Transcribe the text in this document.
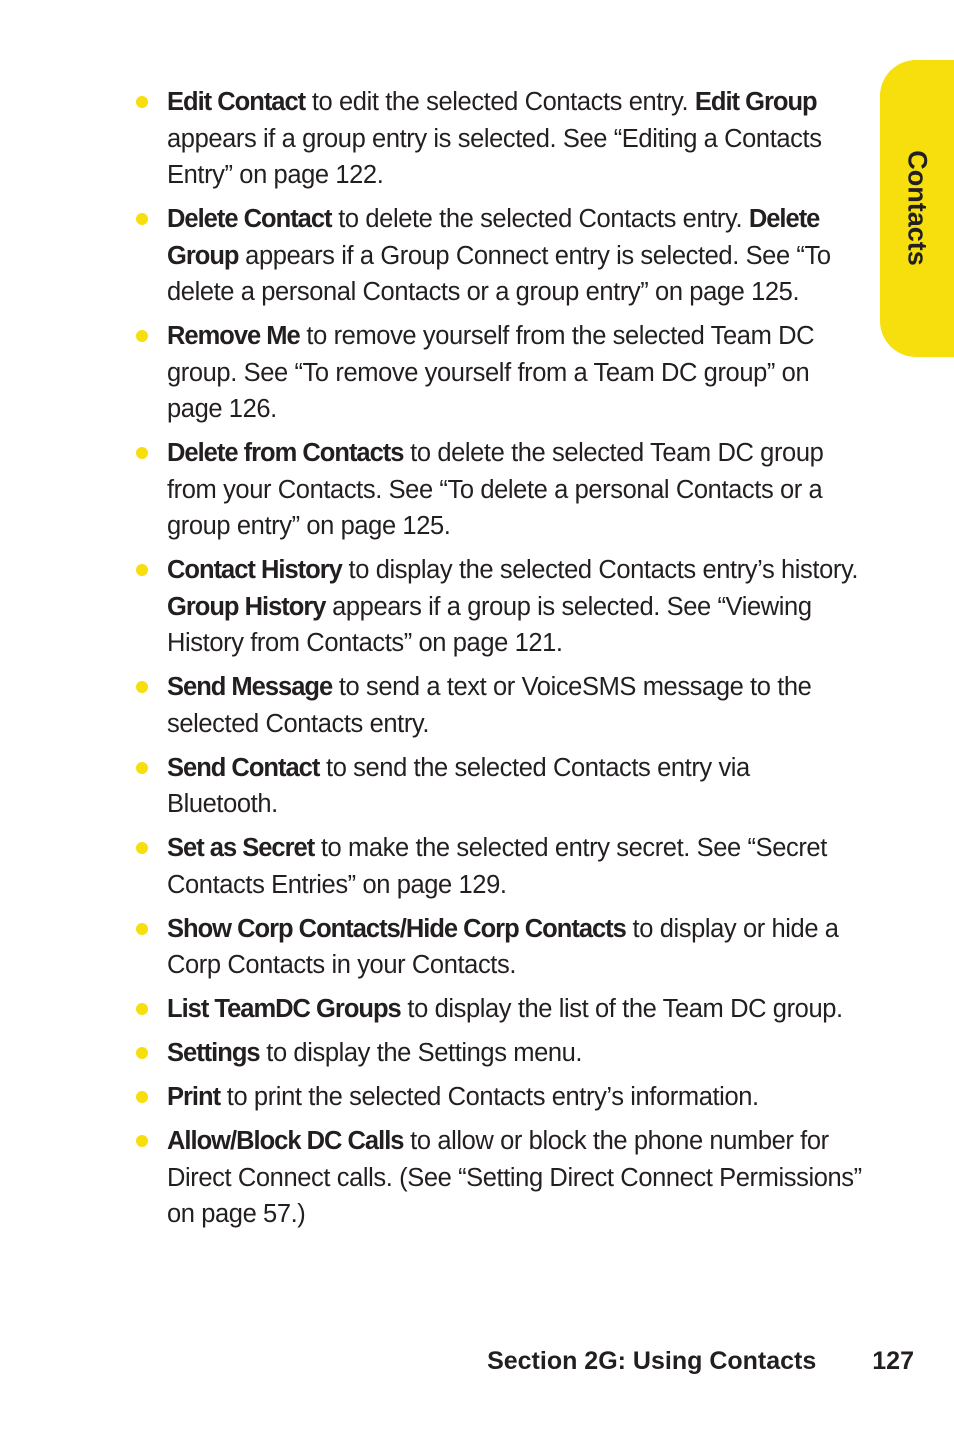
Contacts
Edit Contact to edit the selected Contacts entry. Edit Group appears if a group entry is selected. See “Editing a Contacts Entry” on page 122.
Delete Contact to delete the selected Contacts entry. Delete Group appears if a Group Connect entry is selected. See “To delete a personal Contacts or a group entry” on page 125.
Remove Me to remove yourself from the selected Team DC group. See “To remove yourself from a Team DC group” on page 126.
Delete from Contacts to delete the selected Team DC group from your Contacts. See “To delete a personal Contacts or a group entry” on page 125.
Contact History to display the selected Contacts entry’s history. Group History appears if a group is selected. See “Viewing History from Contacts” on page 121.
Send Message to send a text or VoiceSMS message to the selected Contacts entry.
Send Contact to send the selected Contacts entry via Bluetooth.
Set as Secret to make the selected entry secret. See “Secret Contacts Entries” on page 129.
Show Corp Contacts/Hide Corp Contacts to display or hide a Corp Contacts in your Contacts.
List TeamDC Groups to display the list of the Team DC group.
Settings to display the Settings menu.
Print to print the selected Contacts entry’s information.
Allow/Block DC Calls to allow or block the phone number for Direct Connect calls. (See “Setting Direct Connect Permissions” on page 57.)
Section 2G: Using Contacts 127
